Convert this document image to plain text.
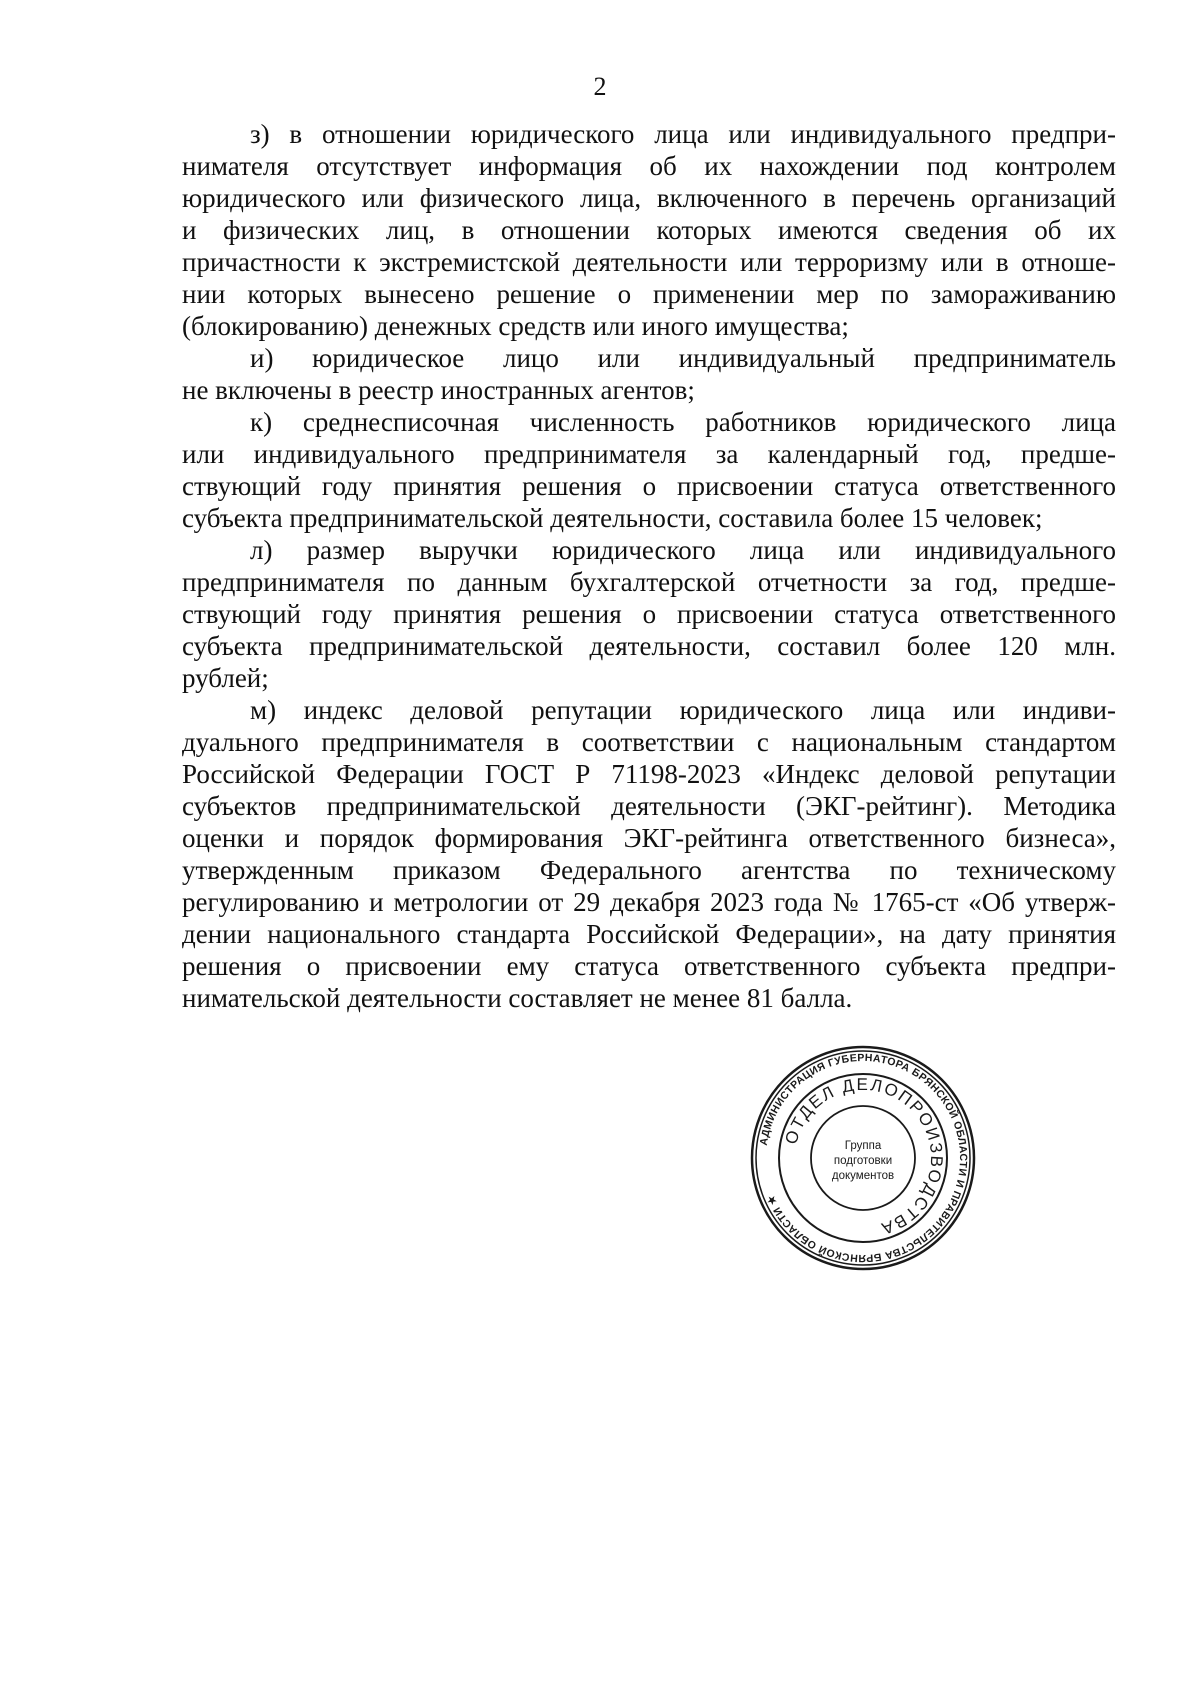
2
з) в отношении юридического лица или индивидуального предпри-
нимателя отсутствует информация об их нахождении под контролем
юридического или физического лица, включенного в перечень организаций
и физических лиц, в отношении которых имеются сведения об их
причастности к экстремистской деятельности или терроризму или в отноше-
нии которых вынесено решение о применении мер по замораживанию
(блокированию) денежных средств или иного имущества;
и) юридическое лицо или индивидуальный предприниматель
не включены в реестр иностранных агентов;
к) среднесписочная численность работников юридического лица
или индивидуального предпринимателя за календарный год, предше-
ствующий году принятия решения о присвоении статуса ответственного
субъекта предпринимательской деятельности, составила более 15 человек;
л) размер выручки юридического лица или индивидуального
предпринимателя по данным бухгалтерской отчетности за год, предше-
ствующий году принятия решения о присвоении статуса ответственного
субъекта предпринимательской деятельности, составил более 120 млн.
рублей;
м) индекс деловой репутации юридического лица или индиви-
дуального предпринимателя в соответствии с национальным стандартом
Российской Федерации ГОСТ Р 71198-2023 «Индекс деловой репутации
субъектов предпринимательской деятельности (ЭКГ-рейтинг). Методика
оценки и порядок формирования ЭКГ-рейтинга ответственного бизнеса»,
утвержденным приказом Федерального агентства по техническому
регулированию и метрологии от 29 декабря 2023 года № 1765-ст «Об утверж-
дении национального стандарта Российской Федерации», на дату принятия
решения о присвоении ему статуса ответственного субъекта предпри-
нимательской деятельности составляет не менее 81 балла.
АДМИНИСТРАЦИЯ ГУБЕРНАТОРА БРЯНСКОЙ ОБЛАСТИ И ПРАВИТЕЛЬСТВА БРЯНСКОЙ ОБЛАСТИ ★
ОТДЕЛ ДЕЛОПРОИЗВОДСТВА
Группа
подготовки
документов
